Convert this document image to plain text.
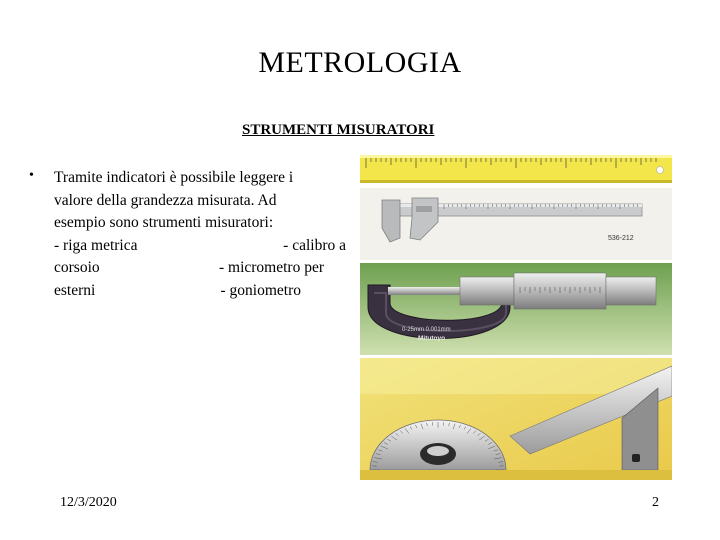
METROLOGIA
STRUMENTI MISURATORI
• Tramite indicatori è possibile leggere i
valore della grandezza misurata. Ad
esempio sono strumenti misuratori:
- riga metrica	- calibro a
corsoio	- micrometro per
esterni	- goniometro
536-212
0-25mm 0.001mm
Mitutoyo
12/3/2020	2
